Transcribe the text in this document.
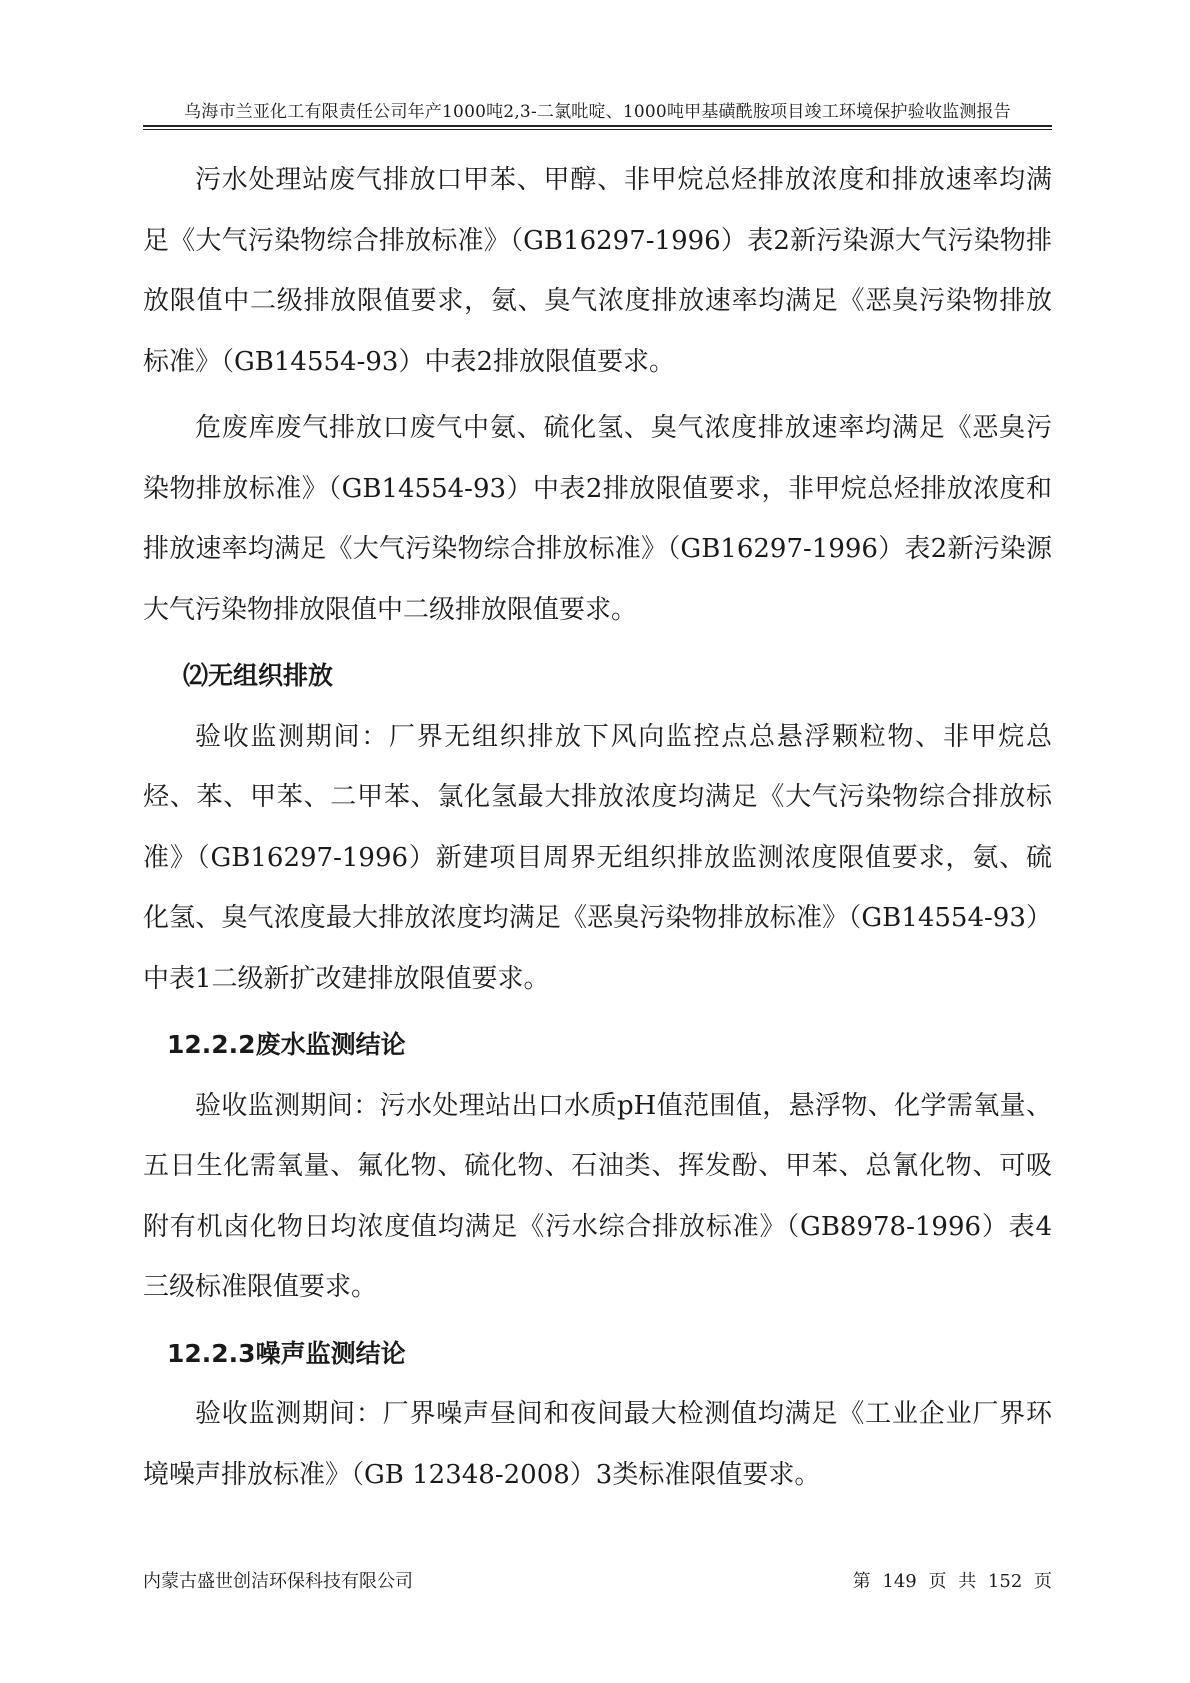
乌海市兰亚化工有限责任公司年产1000吨2,3-二氯吡啶、1000吨甲基磺酰胺项目竣工环境保护验收监测报告

污水处理站废气排放口甲苯、甲醇、非甲烷总烃排放浓度和排放速率均满足《大气污染物综合排放标准》（GB16297-1996）表2新污染源大气污染物排放限值中二级排放限值要求，氨、臭气浓度排放速率均满足《恶臭污染物排放标准》（GB14554-93）中表2排放限值要求。

危废库废气排放口废气中氨、硫化氢、臭气浓度排放速率均满足《恶臭污染物排放标准》（GB14554-93）中表2排放限值要求，非甲烷总烃排放浓度和排放速率均满足《大气污染物综合排放标准》（GB16297-1996）表2新污染源大气污染物排放限值中二级排放限值要求。

⑵无组织排放

验收监测期间：厂界无组织排放下风向监控点总悬浮颗粒物、非甲烷总烃、苯、甲苯、二甲苯、氯化氢最大排放浓度均满足《大气污染物综合排放标准》（GB16297-1996）新建项目周界无组织排放监测浓度限值要求，氨、硫化氢、臭气浓度最大排放浓度均满足《恶臭污染物排放标准》（GB14554-93）中表1二级新扩改建排放限值要求。

12.2.2废水监测结论

验收监测期间：污水处理站出口水质pH值范围值，悬浮物、化学需氧量、五日生化需氧量、氟化物、硫化物、石油类、挥发酚、甲苯、总氰化物、可吸附有机卤化物日均浓度值均满足《污水综合排放标准》（GB8978-1996）表4三级标准限值要求。

12.2.3噪声监测结论

验收监测期间：厂界噪声昼间和夜间最大检测值均满足《工业企业厂界环境噪声排放标准》（GB 12348-2008）3类标准限值要求。

内蒙古盛世创洁环保科技有限公司	第 149 页 共 152 页
